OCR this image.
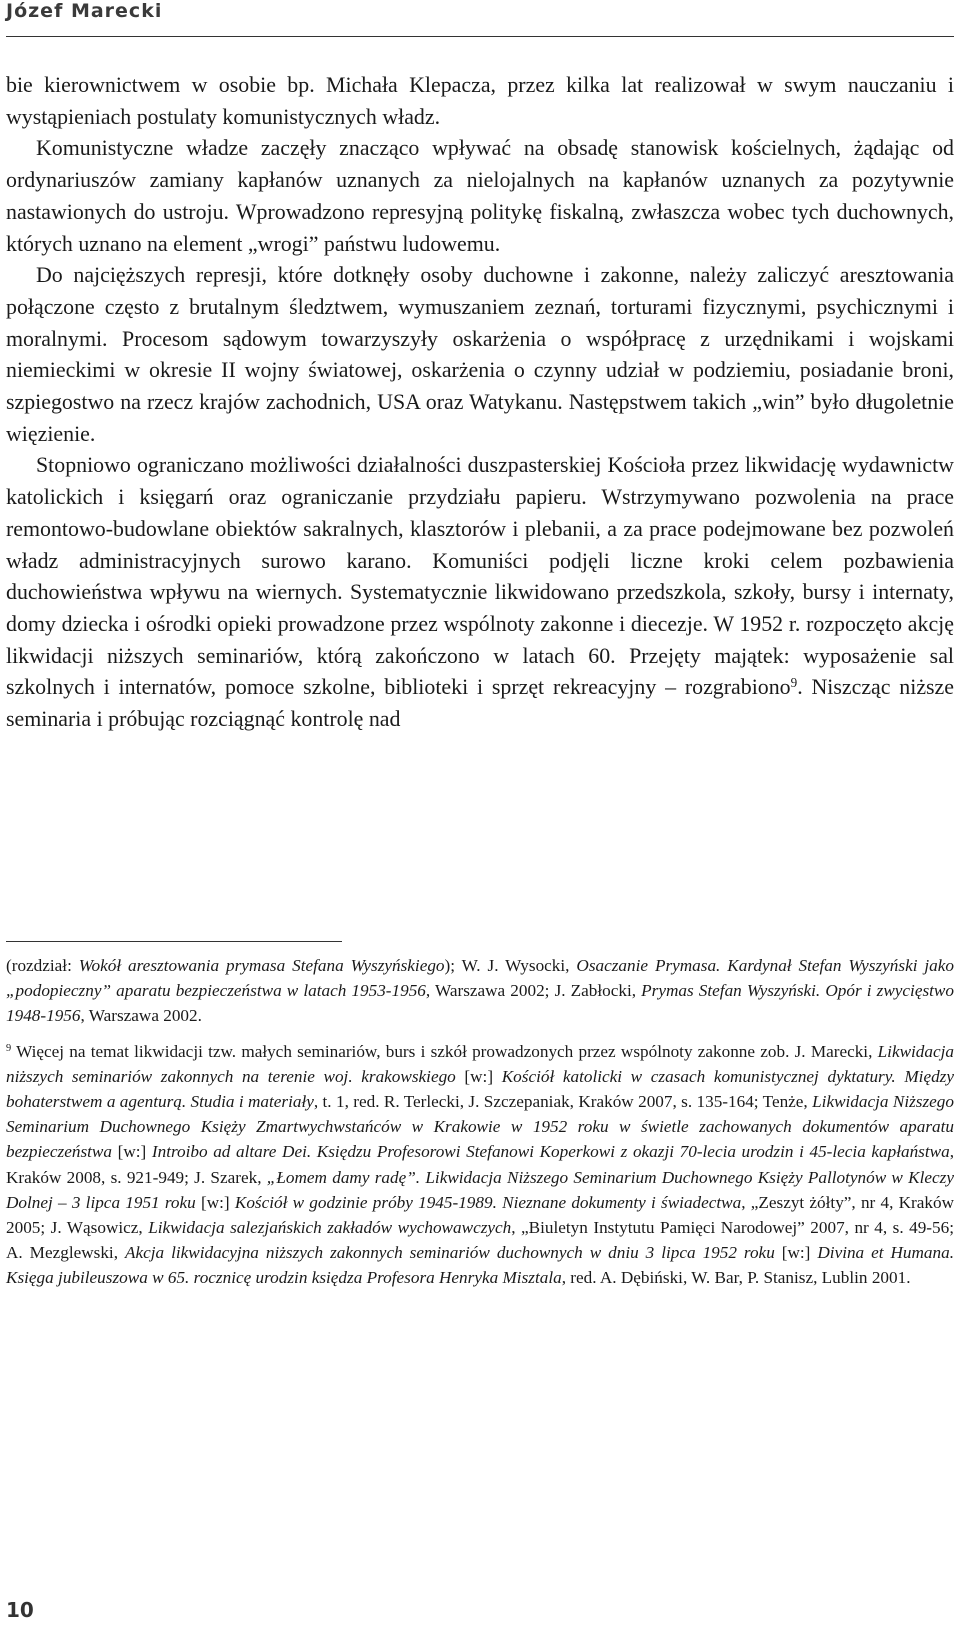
Józef Marecki

bie kierownictwem w osobie bp. Michała Klepacza, przez kilka lat realizował w swym nauczaniu i wystąpieniach postulaty komunistycznych władz.

Komunistyczne władze zaczęły znacząco wpływać na obsadę stanowisk kościelnych, żądając od ordynariuszów zamiany kapłanów uznanych za nielojalnych na kapłanów uznanych za pozytywnie nastawionych do ustroju. Wprowadzono represyjną politykę fiskalną, zwłaszcza wobec tych duchownych, których uznano na element „wrogi” państwu ludowemu.

Do najcięższych represji, które dotknęły osoby duchowne i zakonne, należy zaliczyć aresztowania połączone często z brutalnym śledztwem, wymuszaniem zeznań, torturami fizycznymi, psychicznymi i moralnymi. Procesom sądowym towarzyszyły oskarżenia o współpracę z urzędnikami i wojskami niemieckimi w okresie II wojny światowej, oskarżenia o czynny udział w podziemiu, posiadanie broni, szpiegostwo na rzecz krajów zachodnich, USA oraz Watykanu. Następstwem takich „win” było długoletnie więzienie.

Stopniowo ograniczano możliwości działalności duszpasterskiej Kościoła przez likwidację wydawnictw katolickich i księgarń oraz ograniczanie przydziału papieru. Wstrzymywano pozwolenia na prace remontowo-budowlane obiektów sakralnych, klasztorów i plebanii, a za prace podejmowane bez pozwoleń władz administracyjnych surowo karano. Komuniści podjęli liczne kroki celem pozbawienia duchowieństwa wpływu na wiernych. Systematycznie likwidowano przedszkola, szkoły, bursy i internaty, domy dziecka i ośrodki opieki prowadzone przez wspólnoty zakonne i diecezje. W 1952 r. rozpoczęto akcję likwidacji niższych seminariów, którą zakończono w latach 60. Przejęty majątek: wyposażenie sal szkolnych i internatów, pomoce szkolne, biblioteki i sprzęt rekreacyjny – rozgrabiono$^9$. Niszcząc niższe seminaria i próbując rozciągnąć kontrolę nad

(rozdział: Wokół aresztowania prymasa Stefana Wyszyńskiego); W. J. Wysocki, Osaczanie Prymasa. Kardynał Stefan Wyszyński jako „podopieczny” aparatu bezpieczeństwa w latach 1953-1956, Warszawa 2002; J. Zabłocki, Prymas Stefan Wyszyński. Opór i zwycięstwo 1948-1956, Warszawa 2002.

$^9$ Więcej na temat likwidacji tzw. małych seminariów, burs i szkół prowadzonych przez wspólnoty zakonne zob. J. Marecki, Likwidacja niższych seminariów zakonnych na terenie woj. krakowskiego [w:] Kościół katolicki w czasach komunistycznej dyktatury. Między bohaterstwem a agenturą. Studia i materiały, t. 1, red. R. Terlecki, J. Szczepaniak, Kraków 2007, s. 135-164; Tenże, Likwidacja Niższego Seminarium Duchownego Księży Zmartwychwstańców w Krakowie w 1952 roku w świetle zachowanych dokumentów aparatu bezpieczeństwa [w:] Introibo ad altare Dei. Księdzu Profesorowi Stefanowi Koperkowi z okazji 70-lecia urodzin i 45-lecia kapłaństwa, Kraków 2008, s. 921-949; J. Szarek, „Łomem damy radę”. Likwidacja Niższego Seminarium Duchownego Księży Pallotynów w Kleczy Dolnej – 3 lipca 1951 roku [w:] Kościół w godzinie próby 1945-1989. Nieznane dokumenty i świadectwa, „Zeszyt żółty”, nr 4, Kraków 2005; J. Wąsowicz, Likwidacja salezjańskich zakładów wychowawczych, „Biuletyn Instytutu Pamięci Narodowej” 2007, nr 4, s. 49-56; A. Mezglewski, Akcja likwidacyjna niższych zakonnych seminariów duchownych w dniu 3 lipca 1952 roku [w:] Divina et Humana. Księga jubileuszowa w 65. rocznicę urodzin księdza Profesora Henryka Misztala, red. A. Dębiński, W. Bar, P. Stanisz, Lublin 2001.

10
